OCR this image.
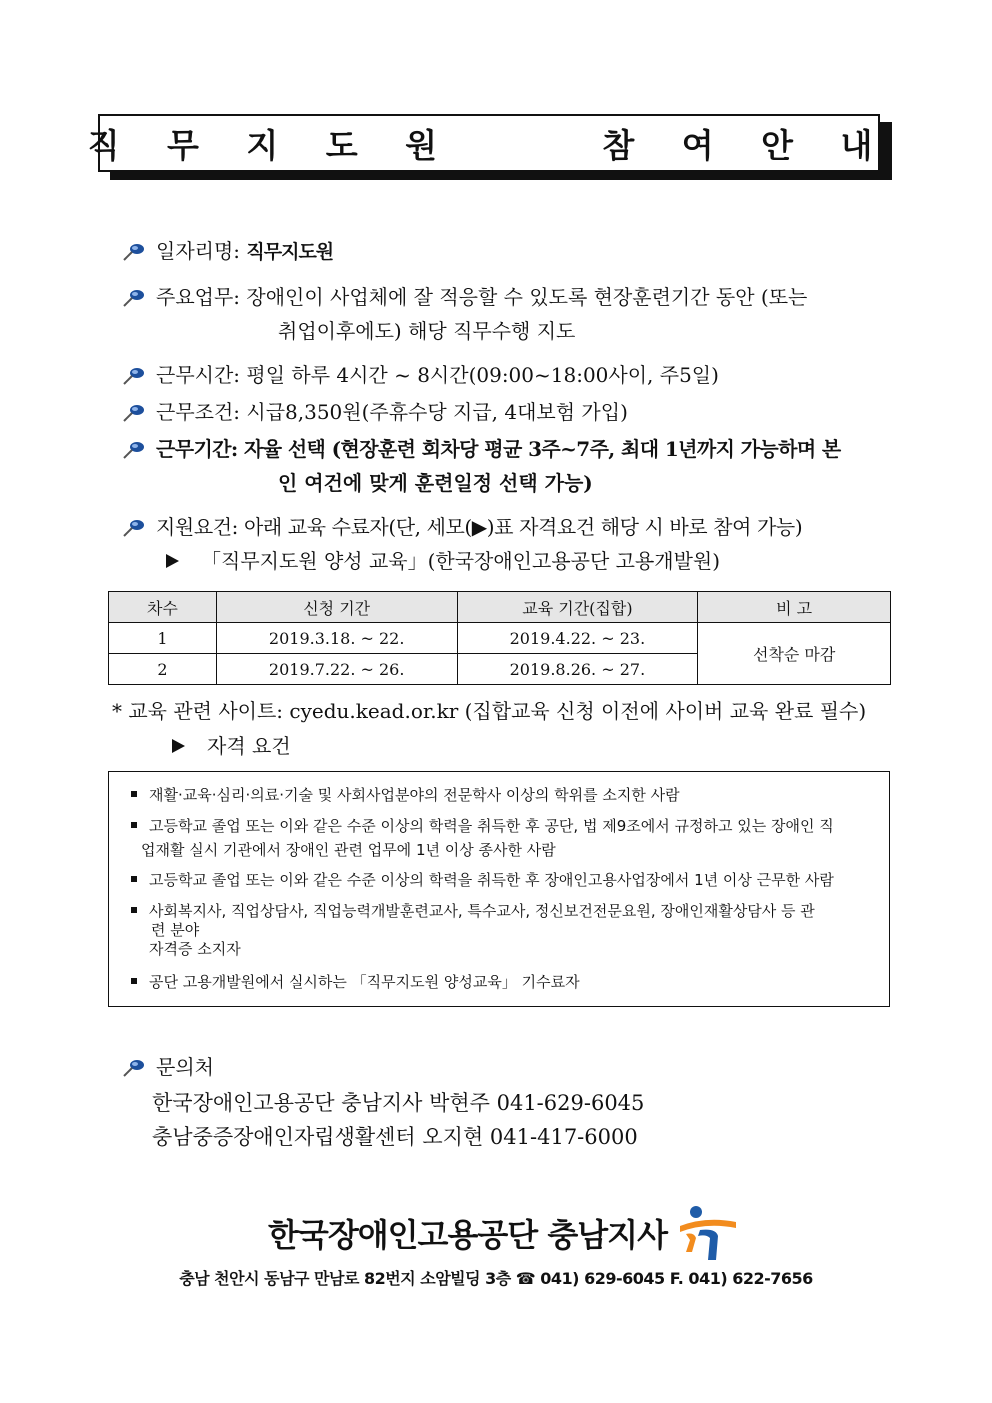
직 무 지 도 원     참 여 안 내
일자리명: 직무지도원
주요업무: 장애인이 사업체에 잘 적응할 수 있도록 현장훈련기간 동안 (또는
취업이후에도) 해당 직무수행 지도
근무시간: 평일 하루 4시간 ~ 8시간(09:00~18:00사이, 주5일)
근무조건: 시급8,350원(주휴수당 지급, 4대보험 가입)
근무기간: 자율 선택 (현장훈련 회차당 평균 3주~7주, 최대 1년까지 가능하며 본
인 여건에 맞게 훈련일정 선택 가능)
지원요건: 아래 교육 수료자(단, 세모(▶)표 자격요건 해당 시 바로 참여 가능)
「직무지도원 양성 교육」(한국장애인고용공단 고용개발원)
차수	신청 기간	교육 기간(집합)	비 고
1	2019.3.18. ~ 22.	2019.4.22. ~ 23.	선착순 마감
2	2019.7.22. ~ 26.	2019.8.26. ~ 27.	
* 교육 관련 사이트: cyedu.kead.or.kr (집합교육 신청 이전에 사이버 교육 완료 필수)
자격 요건
재활·교육·심리·의료·기술 및 사회사업분야의 전문학사 이상의 학위를 소지한 사람
고등학교 졸업 또는 이와 같은 수준 이상의 학력을 취득한 후 공단, 법 제9조에서 규정하고 있는 장애인 직
업재활 실시 기관에서 장애인 관련 업무에 1년 이상 종사한 사람
고등학교 졸업 또는 이와 같은 수준 이상의 학력을 취득한 후 장애인고용사업장에서 1년 이상 근무한 사람
사회복지사, 직업상담사, 직업능력개발훈련교사, 특수교사, 정신보건전문요원, 장애인재활상담사 등 관
련 분야
자격증 소지자
공단 고용개발원에서 실시하는 「직무지도원 양성교육」 기수료자
문의처
한국장애인고용공단 충남지사 박현주 041-629-6045
충남중증장애인자립생활센터 오지현 041-417-6000
한국장애인고용공단 충남지사
충남 천안시 동남구 만남로 82번지 소암빌딩 3층 ☎ 041) 629-6045 F. 041) 622-7656
